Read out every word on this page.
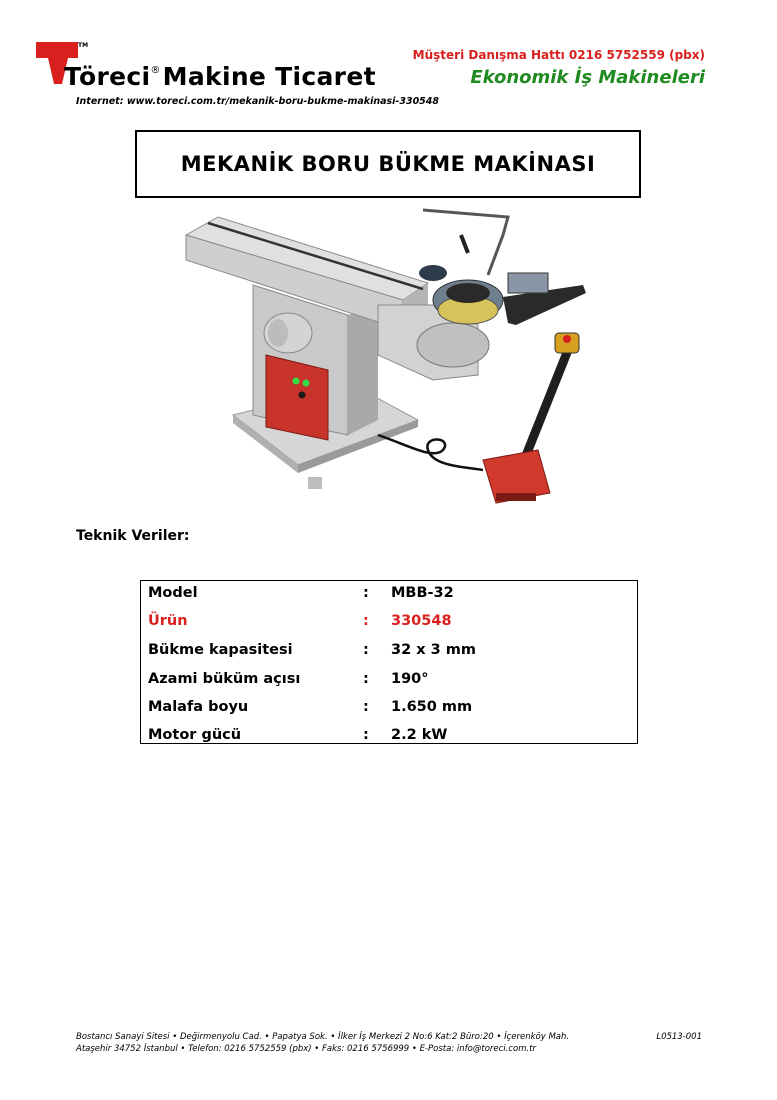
TM
Töreci®Makine Ticaret
Internet: www.toreci.com.tr/mekanik-boru-bukme-makinasi-330548
Müşteri Danışma Hattı 0216 5752559 (pbx)
Ekonomik İş Makineleri
MEKANİK BORU BÜKME MAKİNASI
Teknik Veriler:
Model	: MBB-32
Ürün	: 330548
Bükme kapasitesi	: 32 x 3 mm
Azami büküm açısı	: 190°
Malafa boyu	: 1.650 mm
Motor gücü	: 2.2 kW
Bostancı Sanayi Sitesi • Değirmenyolu Cad. • Papatya Sok. • İlker İş Merkezi 2 No:6 Kat:2 Büro:20 • İçerenköy Mah.
Ataşehir 34752 İstanbul • Telefon: 0216 5752559 (pbx) • Faks: 0216 5756999 • E-Posta: info@toreci.com.tr
L0513-001
